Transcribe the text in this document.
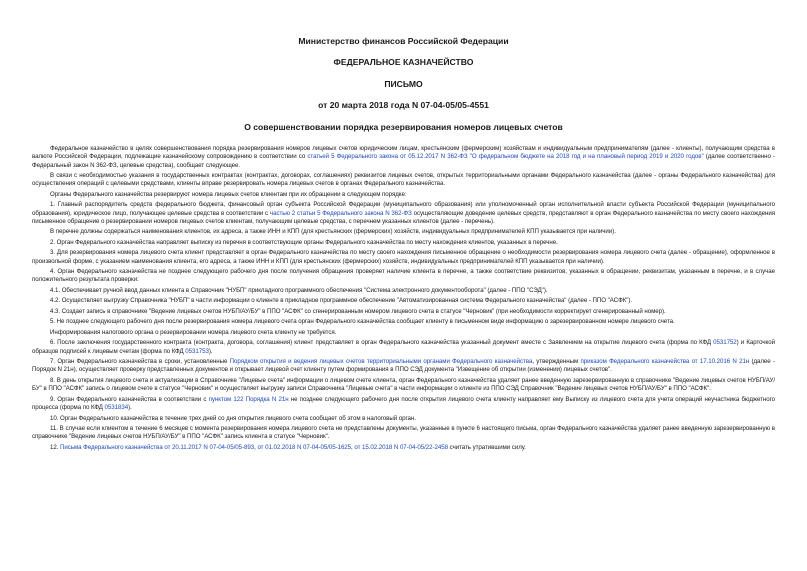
Министерство финансов Российской Федерации
ФЕДЕРАЛЬНОЕ КАЗНАЧЕЙСТВО
ПИСЬМО
от 20 марта 2018 года N 07-04-05/05-4551
О совершенствовании порядка резервирования номеров лицевых счетов

Федеральное казначейство в целях совершенствования порядка резервирования номеров лицевых счетов юридическим лицам, крестьянским (фермерским) хозяйствам и индивидуальным предпринимателям (далее - клиенты), получающим средства в валюте Российской Федерации, подлежащие казначейскому сопровождению в соответствии со статьей 5 Федерального закона от 05.12.2017 N 362-ФЗ "О федеральном бюджете на 2018 год и на плановый период 2019 и 2020 годов" (далее соответственно - Федеральный закон N 362-ФЗ, целевые средства), сообщает следующее.

В связи с необходимостью указания в государственных контрактах (контрактах, договорах, соглашениях) реквизитов лицевых счетов, открытых территориальными органами Федерального казначейства (далее - органы Федерального казначейства) для осуществления операций с целевыми средствами, клиенты вправе резервировать номера лицевых счетов в органах Федерального казначейства.

Органы Федерального казначейства резервируют номера лицевых счетов клиентам при их обращении в следующем порядке:

1. Главный распорядитель средств федерального бюджета, финансовый орган субъекта Российской Федерации (муниципального образования) или уполномоченный орган исполнительной власти субъекта Российской Федерации (муниципального образования), юридическое лицо, получающее целевые средства в соответствии с частью 2 статьи 5 Федерального закона N 362-ФЗ осуществляющие доведение целевых средств, представляют в орган Федерального казначейства по месту своего нахождения письменное обращение о резервировании номеров лицевых счетов клиентам, получающим целевые средства, с перечнем указанных клиентов (далее - перечень).

В перечне должны содержаться наименования клиентов, их адреса, а также ИНН и КПП (для крестьянских (фермерских) хозяйств, индивидуальных предпринимателей КПП указывается при наличии).

2. Орган Федерального казначейства направляет выписку из перечня в соответствующие органы Федерального казначейства по месту нахождения клиентов, указанных в перечне.

3. Для резервирования номера лицевого счета клиент представляет в орган Федерального казначейства по месту своего нахождения письменное обращение о необходимости резервирования номера лицевого счета (далее - обращение), оформленное в произвольной форме, с указанием наименования клиента, его адреса, а также ИНН и КПП (для крестьянских (фермерских) хозяйств, индивидуальных предпринимателей КПП указывается при наличии).

4. Орган Федерального казначейства не позднее следующего рабочего дня после получения обращения проверяет наличие клиента в перечне, а также соответствие реквизитов, указанных в обращении, реквизитам, указанным в перечне, и в случае положительного результата проверки:

4.1. Обеспечивает ручной ввод данных клиента в Справочник "НУБП" прикладного программного обеспечения "Система электронного документооборота" (далее - ППО "СЭД").

4.2. Осуществляет выгрузку Справочника "НУБП" в части информации о клиенте в прикладное программное обеспечение "Автоматизированная система Федерального казначейства" (далее - ППО "АСФК").

4.3. Создает запись в справочнике "Ведение лицевых счетов НУБП/АУ/БУ" в ППО "АСФК" со сгенерированным номером лицевого счета в статусе "Черновик" (при необходимости корректирует сгенерированный номер).

5. Не позднее следующего рабочего дня после резервирования номера лицевого счета орган Федерального казначейства сообщает клиенту в письменном виде информацию о зарезервированном номере лицевого счета.

Информирования налогового органа о резервировании номера лицевого счета клиенту не требуется.

6. После заключения государственного контракта (контракта, договора, соглашения) клиент представляет в орган Федерального казначейства указанный документ вместе с Заявлением на открытие лицевого счета (форма по КФД 0531752) и Карточкой образцов подписей к лицевым счетам (форма по КФД 0531753).

7. Орган Федерального казначейства в сроки, установленные Порядком открытия и ведения лицевых счетов территориальными органами Федерального казначейства, утвержденным приказом Федерального казначейства от 17.10.2016 N 21н (далее - Порядок N 21н), осуществляет проверку представленных документов и открывает лицевой счет клиенту путем формирования в ППО СЭД документа "Извещение об открытии (изменении) лицевых счетов".

8. В день открытия лицевого счета и актуализации в Справочнике "Лицевые счета" информации о лицевом счете клиента, орган Федерального казначейства удаляет ранее введенную зарезервированную в справочнике "Ведение лицевых счетов НУБП/АУ/БУ" в ППО "АСФК" запись о лицевом счете в статусе "Черновик" и осуществляет выгрузку записи Справочника "Лицевые счета" в части информации о клиенте из ППО СЭД Справочник "Ведение лицевых счетов НУБП/АУ/БУ" в ППО "АСФК".

9. Орган Федерального казначейства в соответствии с пунктом 122 Порядка N 21н не позднее следующего рабочего дня после открытия лицевого счета клиенту направляет ему Выписку из лицевого счета для учета операций неучастника бюджетного процесса (форма по КФД 0531834).

10. Орган Федерального казначейства в течение трех дней со дня открытия лицевого счета сообщает об этом в налоговый орган.

11. В случае если клиентом в течение 6 месяцев с момента резервирования номера лицевого счета не представлены документы, указанные в пункте 6 настоящего письма, орган Федерального казначейства удаляет ранее введенную зарезервированную в справочнике "Ведение лицевых счетов НУБП/АУ/БУ" в ППО "АСФК" запись клиента в статусе "Черновик".

12. Письма Федерального казначейства от 20.11.2017 N 07-04-05/05-893, от 01.02.2018 N 07-04-05/05-1625, от 15.02.2018 N 07-04-05/22-2458 считать утратившими силу.
